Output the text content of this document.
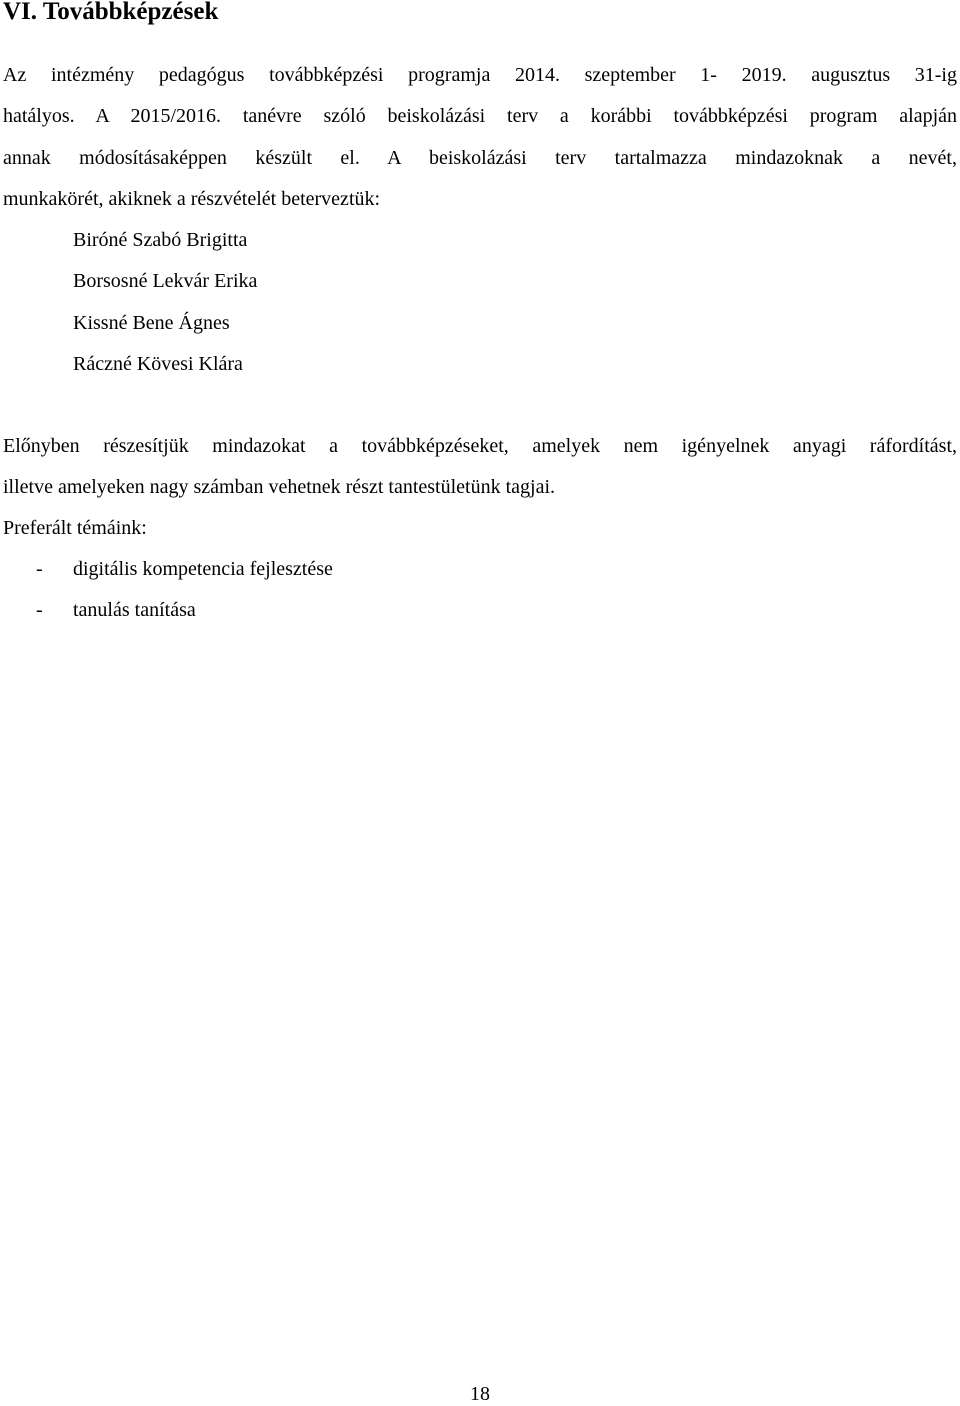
VI. Továbbképzések

Az intézmény pedagógus továbbképzési programja 2014. szeptember 1- 2019. augusztus 31-ig
hatályos. A 2015/2016. tanévre szóló beiskolázási terv a korábbi továbbképzési program alapján
annak módosításaképpen készült el. A beiskolázási terv tartalmazza mindazoknak a nevét,
munkakörét, akiknek a részvételét beterveztük:

Biróné Szabó Brigitta
Borsosné Lekvár Erika
Kissné Bene Ágnes
Ráczné Kövesi Klára

Előnyben részesítjük mindazokat a továbbképzéseket, amelyek nem igényelnek anyagi ráfordítást,
illetve amelyeken nagy számban vehetnek részt tantestületünk tagjai.

Preferált témáink:

- digitális kompetencia fejlesztése
- tanulás tanítása

18
